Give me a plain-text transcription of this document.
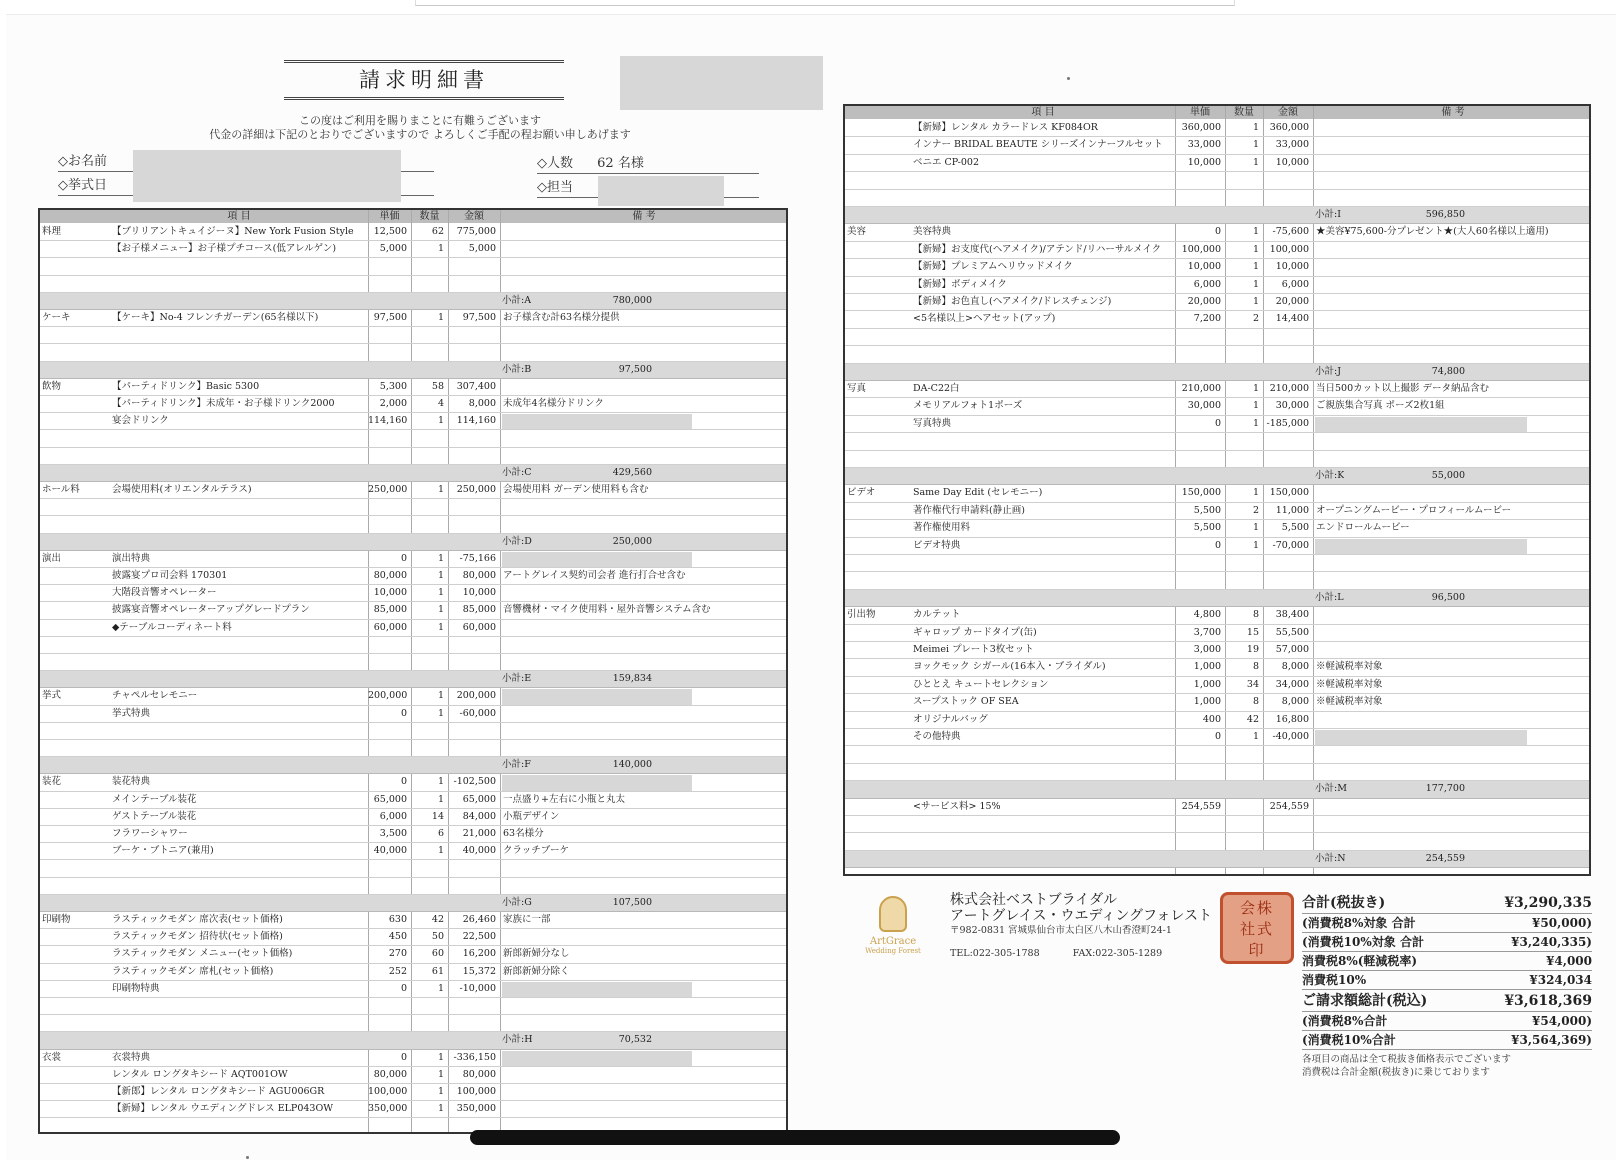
請求明細書
この度はご利用を賜りまことに有難うございます
代金の詳細は下記のとおりでございますので よろしくご手配の程お願い申しあげます
◇お名前
◇挙式日
◇人数 62 名様
◇担当
項 目	単価	数量	金額	備 考
料理	【ブリリアントキュイジーヌ】New York Fusion Style	12,500	62	775,000
【お子様メニュー】お子様プチコース(低アレルゲン)	5,000	1	5,000
小計:A	780,000
ケーキ	【ケーキ】No-4 フレンチガーデン(65名様以下)	97,500	1	97,500 お子様含む計63名様分提供
小計:B	97,500
飲物	【パーティドリンク】Basic 5300	5,300	58	307,400
【パーティドリンク】未成年・お子様ドリンク2000	2,000	4	8,000 未成年4名様分ドリンク
宴会ドリンク	114,160	1	114,160
小計:C	429,560
ホール料	会場使用料(オリエンタルテラス)	250,000	1	250,000 会場使用料 ガーデン使用料も含む
小計:D	250,000
演出	演出特典	0	1	-75,166
披露宴プロ司会料 170301	80,000	1	80,000 アートグレイス契約司会者 進行打合せ含む
大階段音響オペレーター	10,000	1	10,000
披露宴音響オペレーターアップグレードプラン	85,000	1	85,000 音響機材・マイク使用料・屋外音響システム含む
◆テーブルコーディネート料	60,000	1	60,000
小計:E	159,834
挙式	チャペルセレモニー	200,000	1	200,000
挙式特典	0	1	-60,000
小計:F	140,000
装花	装花特典	0	1	-102,500
メインテーブル装花	65,000	1	65,000 一点盛り+左右に小瓶と丸太
ゲストテーブル装花	6,000	14	84,000 小瓶デザイン
フラワーシャワー	3,500	6	21,000 63名様分
ブーケ・ブトニア(兼用)	40,000	1	40,000 クラッチブーケ
小計:G	107,500
印刷物	ラスティックモダン 席次表(セット価格)	630	42	26,460 家族に一部
ラスティックモダン 招待状(セット価格)	450	50	22,500
ラスティックモダン メニュー(セット価格)	270	60	16,200 新郎新婦分なし
ラスティックモダン 席札(セット価格)	252	61	15,372 新郎新婦分除く
印刷物特典	0	1	-10,000
小計:H	70,532
衣裳	衣裳特典	0	1	-336,150
レンタル ロングタキシード AQT001OW	80,000	1	80,000
【新郎】レンタル ロングタキシード AGU006GR	100,000	1	100,000
【新婦】レンタル ウエディングドレス ELP043OW	350,000	1	350,000
項 目	単価	数量	金額	備 考
【新婦】レンタル カラードレス KF084OR	360,000	1	360,000
インナー BRIDAL BEAUTE シリーズインナーフルセット	33,000	1	33,000
ベニエ CP-002	10,000	1	10,000
小計:I	596,850
美容	美容特典	0	1	-75,600 ★美容¥75,600-分プレゼント★(大人60名様以上適用)
【新婦】お支度代(ヘアメイク)/アテンド/リハーサルメイク	100,000	1	100,000
【新婦】プレミアムヘリウッドメイク	10,000	1	10,000
【新婦】ボディメイク	6,000	1	6,000
【新婦】お色直し(ヘアメイク/ドレスチェンジ)	20,000	1	20,000
<5名様以上>ヘアセット(アップ)	7,200	2	14,400
小計:J	74,800
写真	DA-C22白	210,000	1	210,000 当日500カット以上撮影 データ納品含む
メモリアルフォト1ポーズ	30,000	1	30,000 ご親族集合写真 ポーズ2枚1組
写真特典	0	1 -185,000
小計:K	55,000
ビデオ	Same Day Edit (セレモニー)	150,000	1	150,000
著作権代行申請料(静止画)	5,500	2	11,000 オープニングムービー・プロフィールムービー
著作権使用料	5,500	1	5,500 エンドロールムービー
ビデオ特典	0	1	-70,000
小計:L	96,500
引出物	カルテット	4,800	8	38,400
ギャロップ カードタイプ(缶)	3,700	15	55,500
Meimei プレート3枚セット	3,000	19	57,000
ヨックモック シガール(16本入・ブライダル)	1,000	8	8,000 ※軽減税率対象
ひととえ キュートセレクション	1,000	34	34,000 ※軽減税率対象
スープストック OF SEA	1,000	8	8,000 ※軽減税率対象
オリジナルバッグ	400	42	16,800
その他特典	0	1	-40,000
小計:M	177,700
<サービス料> 15%	254,559	254,559
小計:N	254,559
ArtGrace
Wedding Forest
株式会社ベストブライダル
アートグレイス・ウエディングフォレスト
〒982-0831 宮城県仙台市太白区八木山香澄町24-1
TEL:022-305-1788	FAX:022-305-1289
会株
社式
印
合計(税抜き)	¥3,290,335
(消費税8%対象 合計	¥50,000)
(消費税10%対象 合計	¥3,240,335)
消費税8%(軽減税率)	¥4,000
消費税10%	¥324,034
ご請求額総計(税込)	¥3,618,369
(消費税8%合計	¥54,000)
(消費税10%合計	¥3,564,369)
各項目の商品は全て税抜き価格表示でございます
消費税は合計金額(税抜き)に乗じております
